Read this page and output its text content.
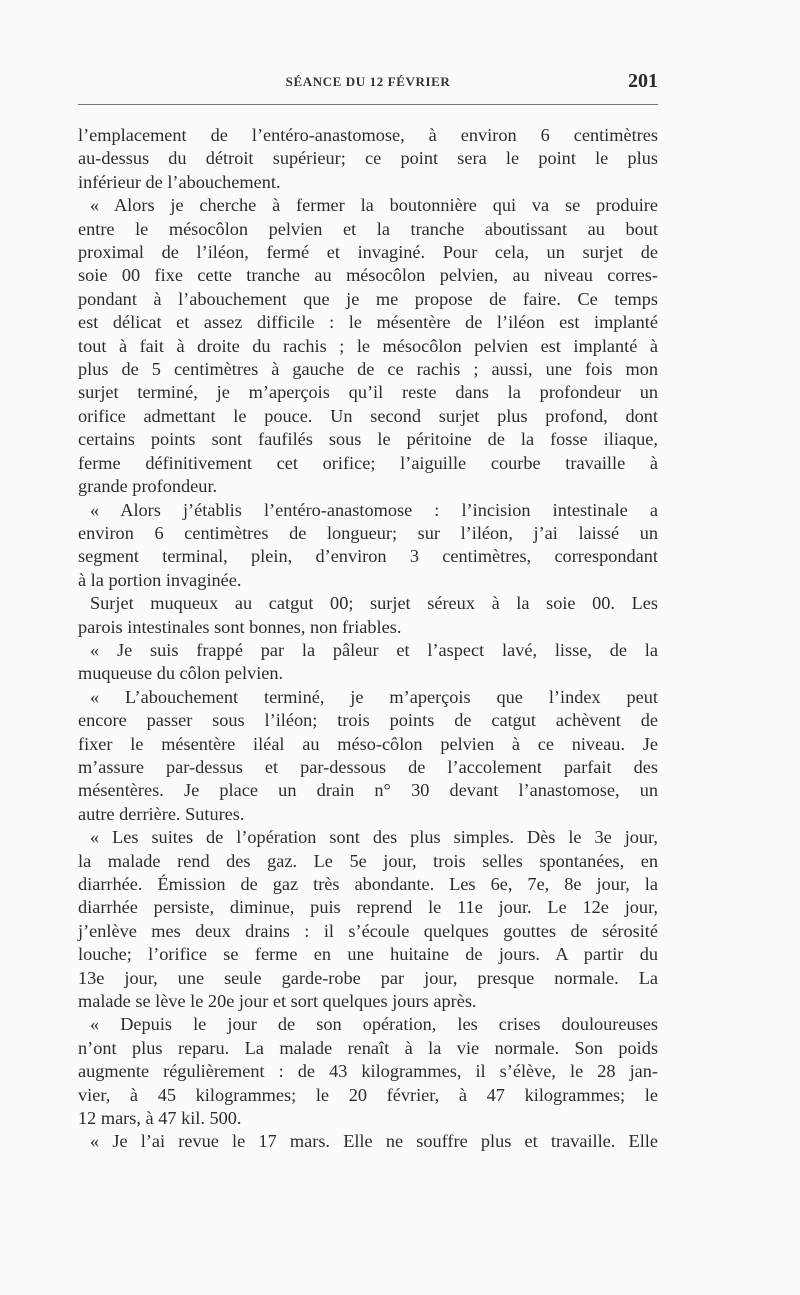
SÉANCE DU 12 FÉVRIER	201
l’emplacement de l’entéro-anastomose, à environ 6 centimètres
au-dessus du détroit supérieur; ce point sera le point le plus
inférieur de l’abouchement.
« Alors je cherche à fermer la boutonnière qui va se produire
entre le mésocôlon pelvien et la tranche aboutissant au bout
proximal de l’iléon, fermé et invaginé. Pour cela, un surjet de
soie 00 fixe cette tranche au mésocôlon pelvien, au niveau corres-
pondant à l’abouchement que je me propose de faire. Ce temps
est délicat et assez difficile : le mésentère de l’iléon est implanté
tout à fait à droite du rachis ; le mésocôlon pelvien est implanté à
plus de 5 centimètres à gauche de ce rachis ; aussi, une fois mon
surjet terminé, je m’aperçois qu’il reste dans la profondeur un
orifice admettant le pouce. Un second surjet plus profond, dont
certains points sont faufilés sous le péritoine de la fosse iliaque,
ferme définitivement cet orifice; l’aiguille courbe travaille à
grande profondeur.
« Alors j’établis l’entéro-anastomose : l’incision intestinale a
environ 6 centimètres de longueur; sur l’iléon, j’ai laissé un
segment terminal, plein, d’environ 3 centimètres, correspondant
à la portion invaginée.
Surjet muqueux au catgut 00; surjet séreux à la soie 00. Les
parois intestinales sont bonnes, non friables.
« Je suis frappé par la pâleur et l’aspect lavé, lisse, de la
muqueuse du côlon pelvien.
« L’abouchement terminé, je m’aperçois que l’index peut
encore passer sous l’iléon; trois points de catgut achèvent de
fixer le mésentère iléal au méso-côlon pelvien à ce niveau. Je
m’assure par-dessus et par-dessous de l’accolement parfait des
mésentères. Je place un drain n° 30 devant l’anastomose, un
autre derrière. Sutures.
« Les suites de l’opération sont des plus simples. Dès le 3e jour,
la malade rend des gaz. Le 5e jour, trois selles spontanées, en
diarrhée. Émission de gaz très abondante. Les 6e, 7e, 8e jour, la
diarrhée persiste, diminue, puis reprend le 11e jour. Le 12e jour,
j’enlève mes deux drains : il s’écoule quelques gouttes de sérosité
louche; l’orifice se ferme en une huitaine de jours. A partir du
13e jour, une seule garde-robe par jour, presque normale. La
malade se lève le 20e jour et sort quelques jours après.
« Depuis le jour de son opération, les crises douloureuses
n’ont plus reparu. La malade renaît à la vie normale. Son poids
augmente régulièrement : de 43 kilogrammes, il s’élève, le 28 jan-
vier, à 45 kilogrammes; le 20 février, à 47 kilogrammes; le
12 mars, à 47 kil. 500.
« Je l’ai revue le 17 mars. Elle ne souffre plus et travaille. Elle
